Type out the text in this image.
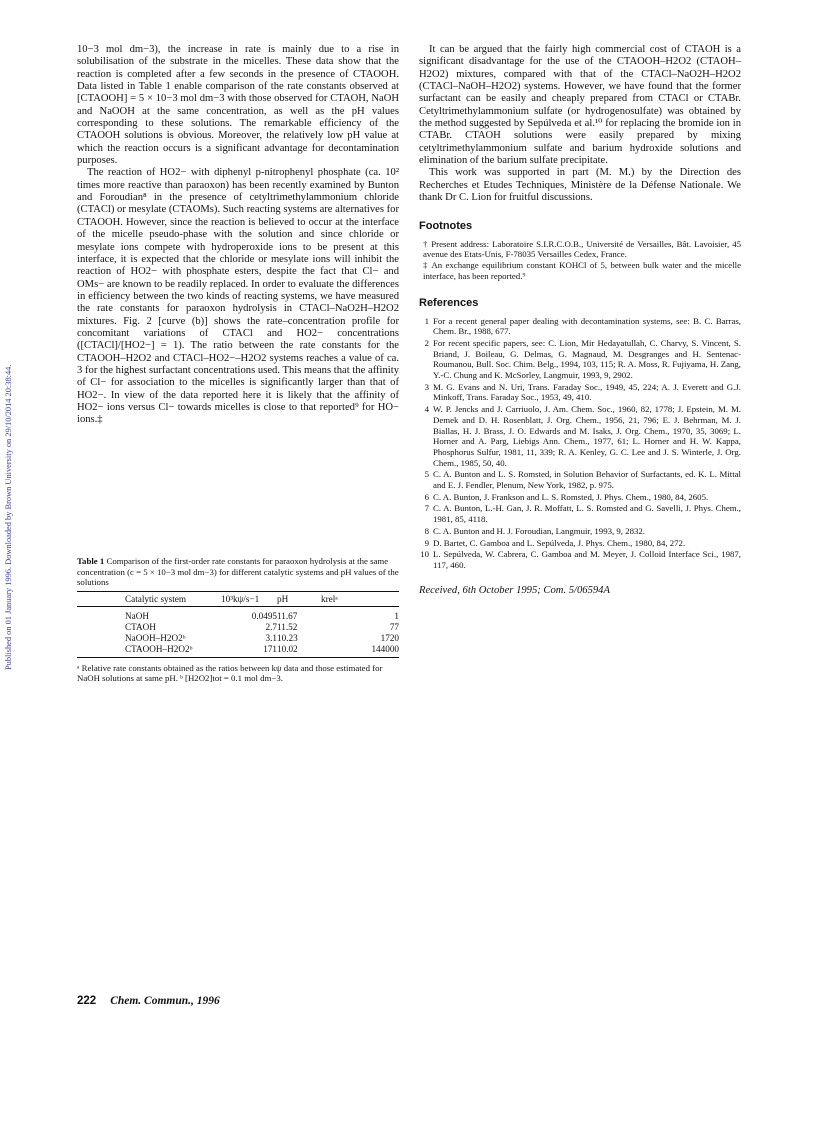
Published on 01 January 1996. Downloaded by Brown University on 29/10/2014 20:38:44.

10−3 mol dm−3), the increase in rate is mainly due to a rise in solubilisation of the substrate in the micelles. These data show that the reaction is completed after a few seconds in the presence of CTAOOH. Data listed in Table 1 enable comparison of the rate constants observed at [CTAOOH] = 5 × 10−3 mol dm−3 with those observed for CTAOH, NaOH and NaOOH at the same concentration, as well as the pH values corresponding to these solutions. The remarkable efficiency of the CTAOOH solutions is obvious. Moreover, the relatively low pH value at which the reaction occurs is a significant advantage for decontamination purposes.

The reaction of HO2− with diphenyl p-nitrophenyl phosphate (ca. 10² times more reactive than paraoxon) has been recently examined by Bunton and Foroudian⁸ in the presence of cetyltrimethylammonium chloride (CTACl) or mesylate (CTAOMs). Such reacting systems are alternatives for CTAOOH. However, since the reaction is believed to occur at the interface of the micelle pseudo-phase with the solution and since chloride or mesylate ions compete with hydroperoxide ions to be present at this interface, it is expected that the chloride or mesylate ions will inhibit the reaction of HO2− with phosphate esters, despite the fact that Cl− and OMs− are known to be readily replaced. In order to evaluate the differences in efficiency between the two kinds of reacting systems, we have measured the rate constants for paraoxon hydrolysis in CTACl–NaO2H–H2O2 mixtures. Fig. 2 [curve (b)] shows the rate–concentration profile for concomitant variations of CTACl and HO2− concentrations ([CTACl]/[HO2−] = 1). The ratio between the rate constants for the CTAOOH–H2O2 and CTACl–HO2−–H2O2 systems reaches a value of ca. 3 for the highest surfactant concentrations used. This means that the affinity of Cl− for association to the micelles is significantly larger than that of HO2−. In view of the data reported here it is likely that the affinity of HO2− ions versus Cl− towards micelles is close to that reported⁹ for HO− ions.‡

Table 1 Comparison of the first-order rate constants for paraoxon hydrolysis at the same concentration (c = 5 × 10−3 mol dm−3) for different catalytic systems and pH values of the solutions

	Catalytic system	10³kψ/s−1	pH	krelᵃ
	NaOH	0.0495	11.67	1
	CTAOH	2.7	11.52	77
	NaOOH–H2O2ᵇ	3.1	10.23	1720
	CTAOOH–H2O2ᵇ	171	10.02	144000

ᵃ Relative rate constants obtained as the ratios between kψ data and those estimated for NaOH solutions at same pH. ᵇ [H2O2]tot = 0.1 mol dm−3.

It can be argued that the fairly high commercial cost of CTAOH is a significant disadvantage for the use of the CTAOOH–H2O2 (CTAOH–H2O2) mixtures, compared with that of the CTACl–NaO2H–H2O2 (CTACl–NaOH–H2O2) systems. However, we have found that the former surfactant can be easily and cheaply prepared from CTACl or CTABr. Cetyltrimethylammonium sulfate (or hydrogenosulfate) was obtained by the method suggested by Sepúlveda et al.¹⁰ for replacing the bromide ion in CTABr. CTAOH solutions were easily prepared by mixing cetyltrimethylammonium sulfate and barium hydroxide solutions and elimination of the barium sulfate precipitate.

This work was supported in part (M. M.) by the Direction des Recherches et Etudes Techniques, Ministère de la Défense Nationale. We thank Dr C. Lion for fruitful discussions.

Footnotes

† Present address: Laboratoire S.I.R.C.O.B., Université de Versailles, Bât. Lavoisier, 45 avenue des Etats-Unis, F-78035 Versailles Cedex, France.

‡ An exchange equilibrium constant KOHCl of 5, between bulk water and the micelle interface, has been reported.⁹

References
1 For a recent general paper dealing with decontamination systems, see: B. C. Barras, Chem. Br., 1988, 677.
2 For recent specific papers, see: C. Lion, Mir Hedayatullah, C. Charvy, S. Vincent, S. Briand, J. Boileau, G. Delmas, G. Magnaud, M. Desgranges and H. Sentenac-Roumanou, Bull. Soc. Chim. Belg., 1994, 103, 115; R. A. Moss, R. Fujiyama, H. Zang, Y.-C. Chung and K. McSorley, Langmuir, 1993, 9, 2902.
3 M. G. Evans and N. Uri, Trans. Faraday Soc., 1949, 45, 224; A. J. Everett and G.J. Minkoff, Trans. Faraday Soc., 1953, 49, 410.
4 W. P. Jencks and J. Carriuolo, J. Am. Chem. Soc., 1960, 82, 1778; J. Epstein, M. M. Demek and D. H. Rosenblatt, J. Org. Chem., 1956, 21, 796; E. J. Behrman, M. J. Biallas, H. J. Brass, J. O. Edwards and M. Isaks, J. Org. Chem., 1970, 35, 3069; L. Horner and A. Parg, Liebigs Ann. Chem., 1977, 61; L. Horner and H. W. Kappa, Phosphorus Sulfur, 1981, 11, 339; R. A. Kenley, G. C. Lee and J. S. Winterle, J. Org. Chem., 1985, 50, 40.
5 C. A. Bunton and L. S. Romsted, in Solution Behavior of Surfactants, ed. K. L. Mittal and E. J. Fendler, Plenum, New York, 1982, p. 975.
6 C. A. Bunton, J. Frankson and L. S. Romsted, J. Phys. Chem., 1980, 84, 2605.
7 C. A. Bunton, L.-H. Gan, J. R. Moffatt, L. S. Romsted and G. Savelli, J. Phys. Chem., 1981, 85, 4118.
8 C. A. Bunton and H. J. Foroudian, Langmuir, 1993, 9, 2832.
9 D. Bartet, C. Gamboa and L. Sepúlveda, J. Phys. Chem., 1980, 84, 272.
10 L. Sepúlveda, W. Cabrera, C. Gamboa and M. Meyer, J. Colloid Interface Sci., 1987, 117, 460.

Received, 6th October 1995; Com. 5/06594A

222 Chem. Commun., 1996
